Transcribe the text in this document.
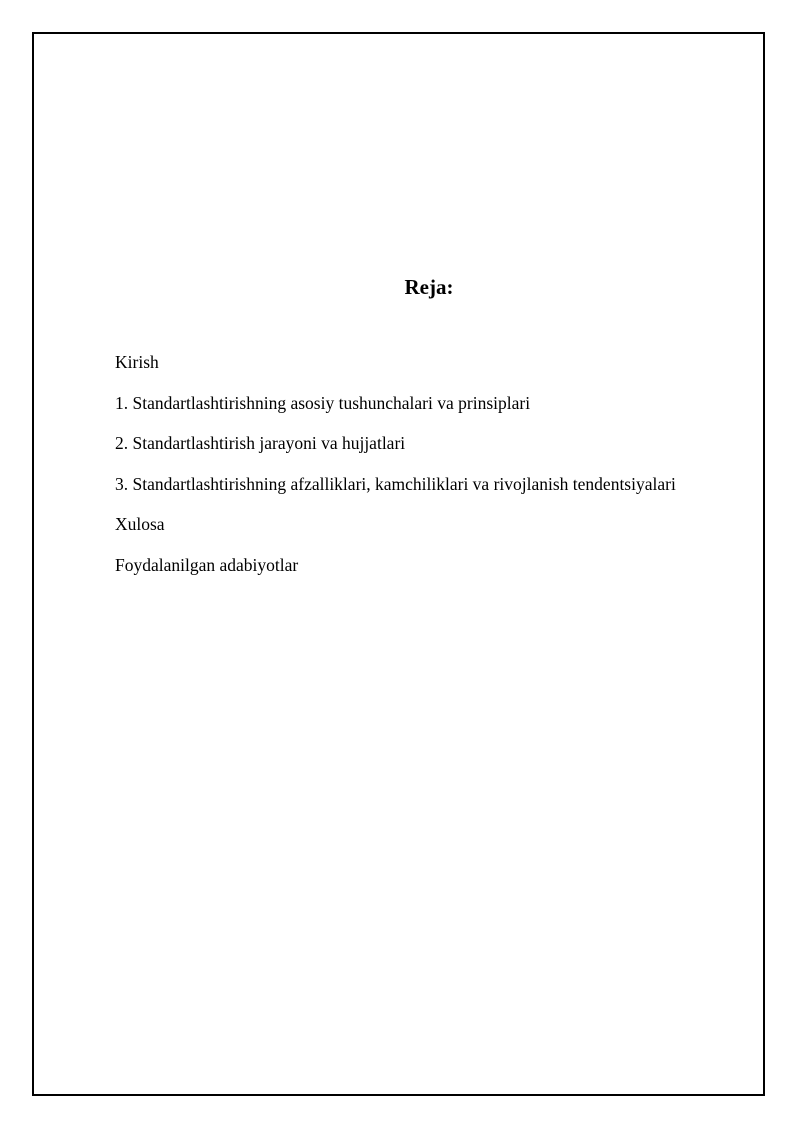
Reja:
Kirish
1. Standartlashtirishning asosiy tushunchalari va prinsiplari
2. Standartlashtirish jarayoni va hujjatlari
3. Standartlashtirishning afzalliklari, kamchiliklari va rivojlanish tendentsiyalari
Xulosa
Foydalanilgan adabiyotlar
